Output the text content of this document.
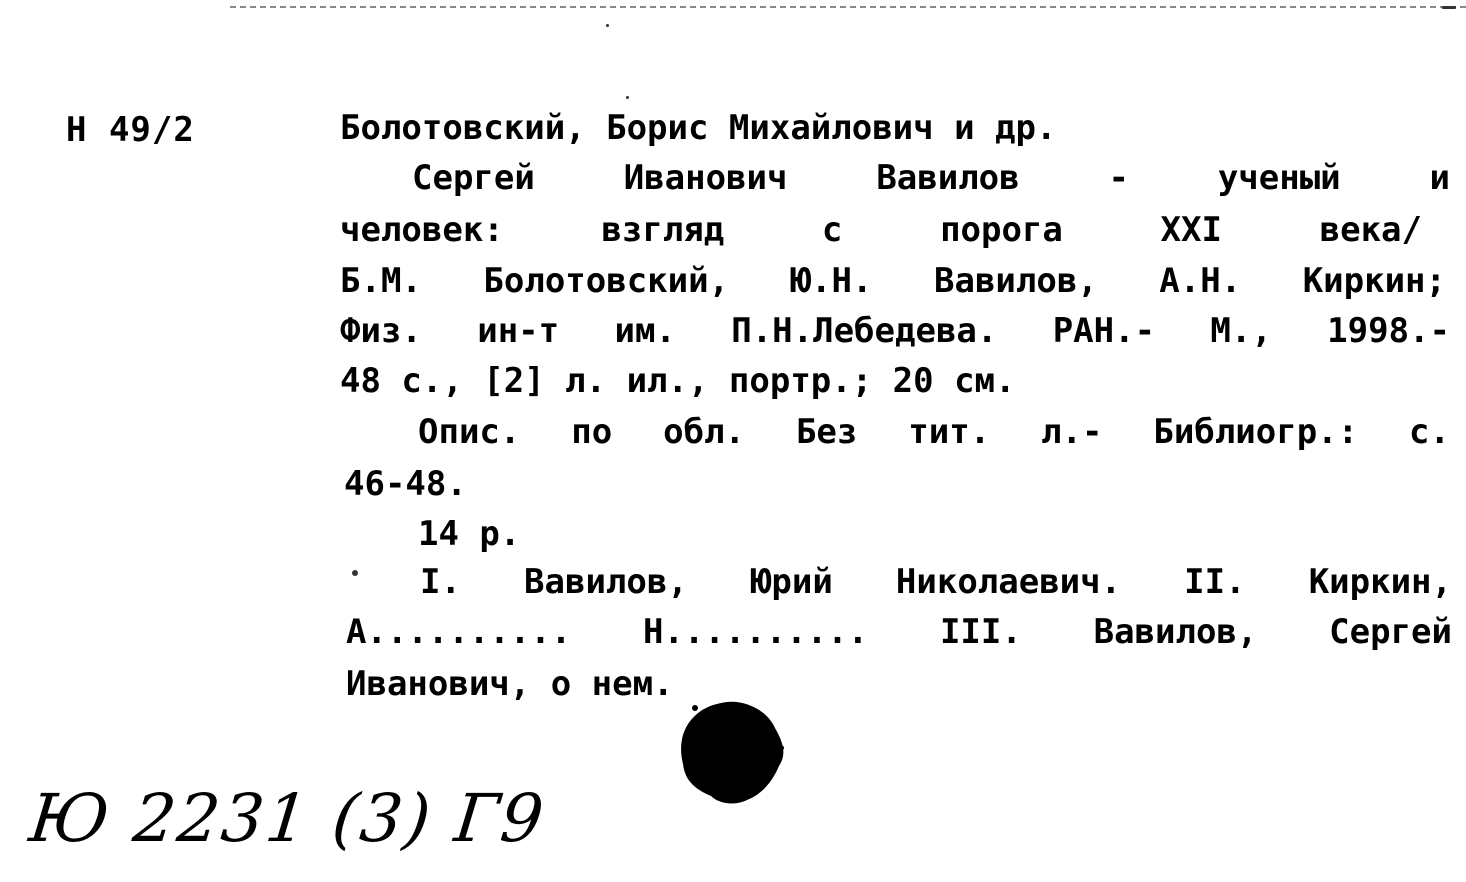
Н 49/2	Болотовский, Борис Михайлович и др.
Сергей Иванович Вавилов - ученый и
человек: взгляд с порога XXI века/
Б.М. Болотовский, Ю.Н. Вавилов, А.Н. Киркин;
Физ. ин-т им. П.Н.Лебедева. РАН.- М., 1998.-
48 с., [2] л. ил., портр.; 20 см.
Опис. по обл. Без тит. л.- Библиогр.: с.
46-48.
14 р.
I. Вавилов, Юрий Николаевич. II. Киркин,
А.......... Н.......... III. Вавилов, Сергей
Иванович, о нем.
Ю 2231 (3) Г9
